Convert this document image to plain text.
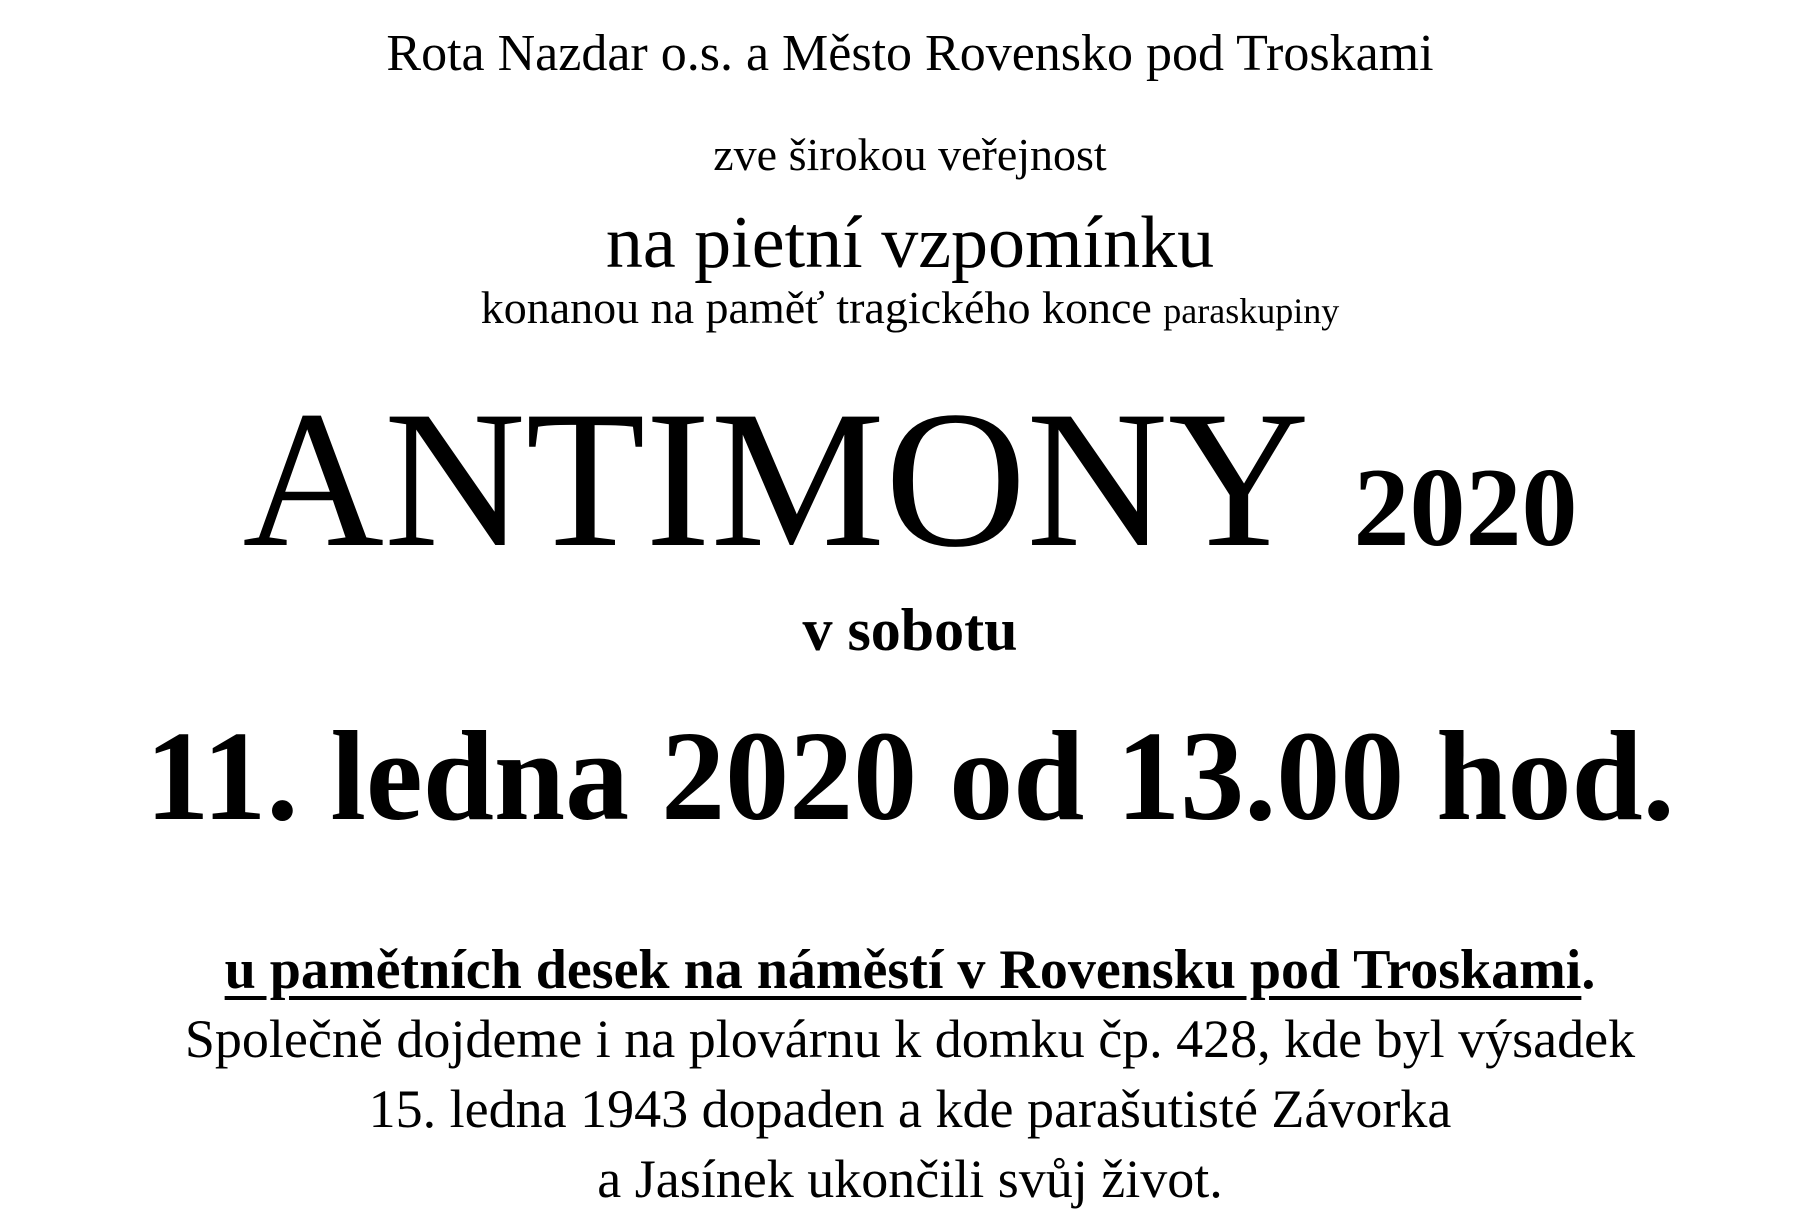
Rota Nazdar o.s. a Město Rovensko pod Troskami
zve širokou veřejnost
na pietní vzpomínku
konanou na paměť tragického konce paraskupiny
ANTIMONY 2020
v sobotu
11. ledna 2020 od 13.00 hod.
u pamětních desek na náměstí v Rovensku pod Troskami.
Společně dojdeme i na plovárnu k domku čp. 428, kde byl výsadek
15. ledna 1943 dopaden a kde parašutisté Závorka
a Jasínek ukončili svůj život.
